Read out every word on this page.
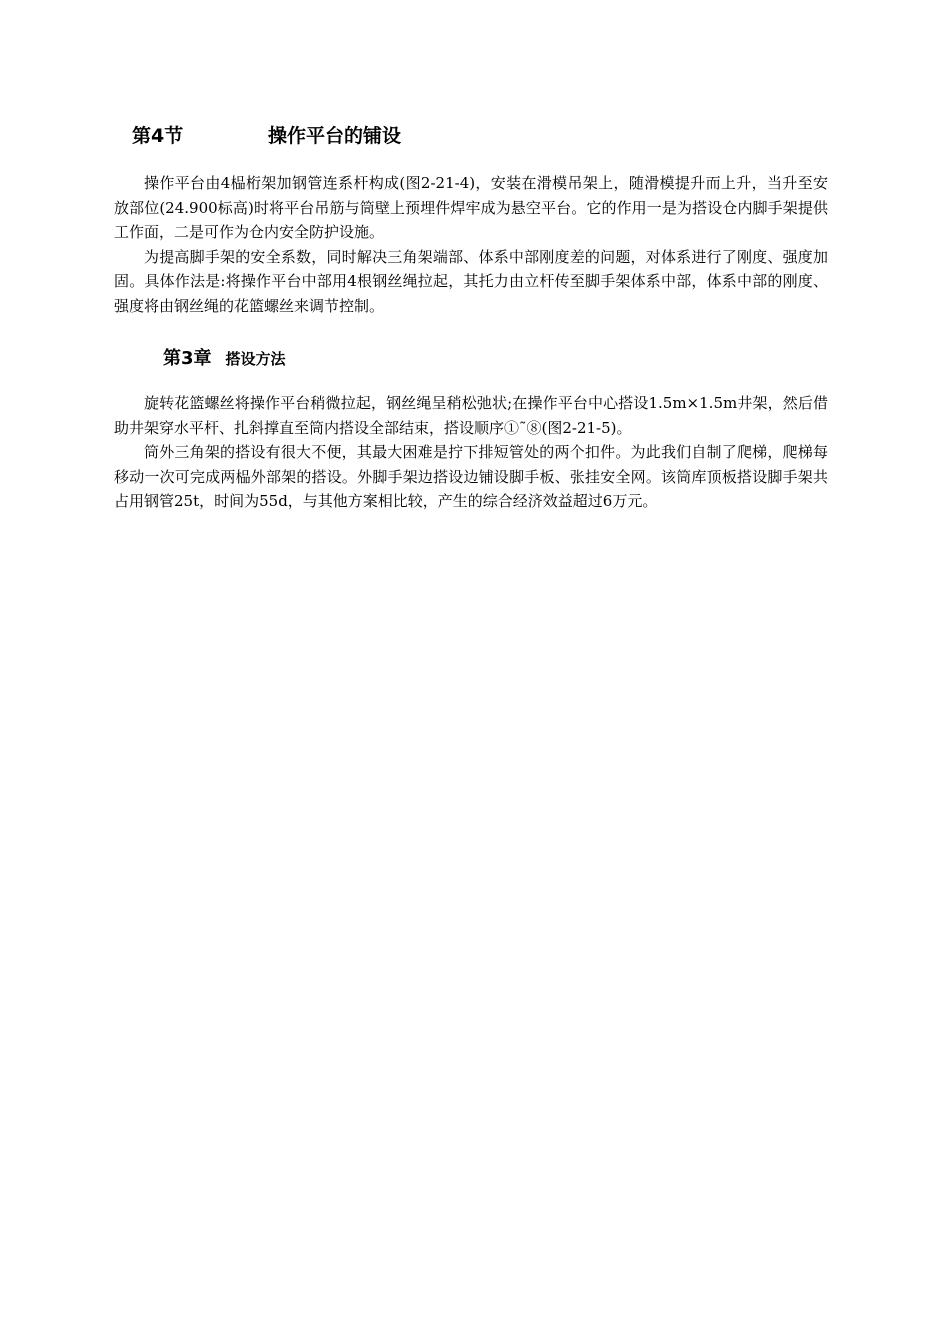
第4节	操作平台的铺设

操作平台由4榀桁架加钢管连系杆构成(图2-21-4)，安装在滑模吊架上，随滑模提升而上升，当升至安放部位(24.900标高)时将平台吊筋与筒壁上预埋件焊牢成为悬空平台。它的作用一是为搭设仓内脚手架提供工作面，二是可作为仓内安全防护设施。

为提高脚手架的安全系数，同时解决三角架端部、体系中部刚度差的问题，对体系进行了刚度、强度加固。具体作法是:将操作平台中部用4根钢丝绳拉起，其托力由立杆传至脚手架体系中部，体系中部的刚度、强度将由钢丝绳的花篮螺丝来调节控制。

第3章 搭设方法

旋转花篮螺丝将操作平台稍微拉起，钢丝绳呈稍松弛状;在操作平台中心搭设1.5m×1.5m井架，然后借助井架穿水平杆、扎斜撑直至筒内搭设全部结束，搭设顺序①˜⑧(图2-21-5)。

筒外三角架的搭设有很大不便，其最大困难是拧下排短管处的两个扣件。为此我们自制了爬梯，爬梯每移动一次可完成两榀外部架的搭设。外脚手架边搭设边铺设脚手板、张挂安全网。该筒库顶板搭设脚手架共占用钢管25t，时间为55d，与其他方案相比较，产生的综合经济效益超过6万元。
